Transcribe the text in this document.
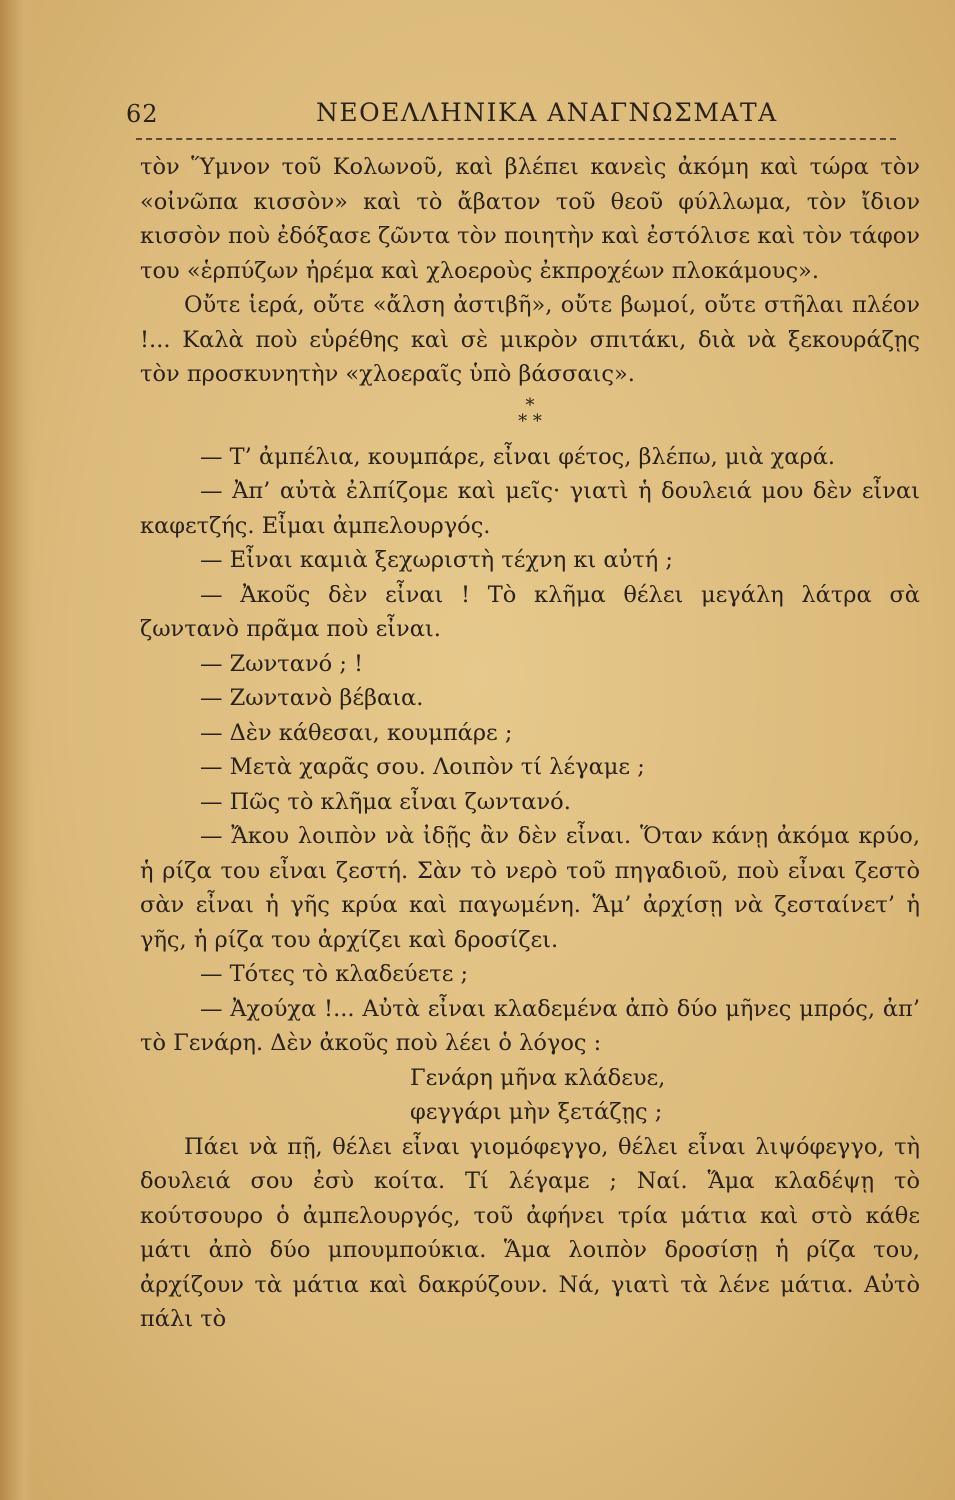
62	ΝΕΟΕΛΛΗΝΙΚΑ ΑΝΑΓΝΩΣΜΑΤΑ

τὸν Ὕμνον τοῦ Κολωνοῦ, καὶ βλέπει κανεὶς ἀκόμη καὶ τώρα τὸν «οἰνῶπα κισσὸν» καὶ τὸ ἄβατον τοῦ θεοῦ φύλλωμα, τὸν ἴδιον κισσὸν ποὺ ἐδόξασε ζῶντα τὸν ποιητὴν καὶ ἐστόλισε καὶ τὸν τάφον του «ἑρπύζων ἠρέμα καὶ χλοεροὺς ἐκπροχέων πλοκάμους».

Οὔτε ἱερά, οὔτε «ἄλση ἀστιβῆ», οὔτε βωμοί, οὔτε στῆλαι πλέον !... Καλὰ ποὺ εὑρέθης καὶ σὲ μικρὸν σπιτάκι, διὰ νὰ ξεκουράζῃς τὸν προσκυνητὴν «χλοεραῖς ὑπὸ βάσσαις».

*
* *

— Τ’ ἀμπέλια, κουμπάρε, εἶναι φέτος, βλέπω, μιὰ χαρά.

— Ἀπ’ αὐτὰ ἐλπίζομε καὶ μεῖς· γιατὶ ἡ δουλειά μου δὲν εἶναι καφετζής. Εἶμαι ἀμπελουργός.

— Εἶναι καμιὰ ξεχωριστὴ τέχνη κι αὐτή ;

— Ἀκοῦς δὲν εἶναι ! Τὸ κλῆμα θέλει μεγάλη λάτρα σὰ ζωντανὸ πρᾶμα ποὺ εἶναι.

— Ζωντανό ; !

— Ζωντανὸ βέβαια.

— Δὲν κάθεσαι, κουμπάρε ;

— Μετὰ χαρᾶς σου. Λοιπὸν τί λέγαμε ;

— Πῶς τὸ κλῆμα εἶναι ζωντανό.

— Ἄκου λοιπὸν νὰ ἰδῇς ἂν δὲν εἶναι. Ὅταν κάνῃ ἀκόμα κρύο, ἡ ρίζα του εἶναι ζεστή. Σὰν τὸ νερὸ τοῦ πηγαδιοῦ, ποὺ εἶναι ζεστὸ σὰν εἶναι ἡ γῆς κρύα καὶ παγωμένη. Ἅμ’ ἀρχίσῃ νὰ ζεσταίνετ’ ἡ γῆς, ἡ ρίζα του ἀρχίζει καὶ δροσίζει.

— Τότες τὸ κλαδεύετε ;

— Ἀχούχα !... Αὐτὰ εἶναι κλαδεμένα ἀπὸ δύο μῆνες μπρός, ἀπ’ τὸ Γενάρη. Δὲν ἀκοῦς ποὺ λέει ὁ λόγος :

Γενάρη μῆνα κλάδευε,
φεγγάρι μὴν ξετάζῃς ;

Πάει νὰ πῇ, θέλει εἶναι γιομόφεγγο, θέλει εἶναι λιψόφεγγο, τὴ δουλειά σου ἐσὺ κοίτα. Τί λέγαμε ; Ναί. Ἅμα κλαδέψῃ τὸ κούτσουρο ὁ ἀμπελουργός, τοῦ ἀφήνει τρία μάτια καὶ στὸ κάθε μάτι ἀπὸ δύο μπουμπούκια. Ἅμα λοιπὸν δροσίσῃ ἡ ρίζα του, ἀρχίζουν τὰ μάτια καὶ δακρύζουν. Νά, γιατὶ τὰ λένε μάτια. Αὐτὸ πάλι τὸ
